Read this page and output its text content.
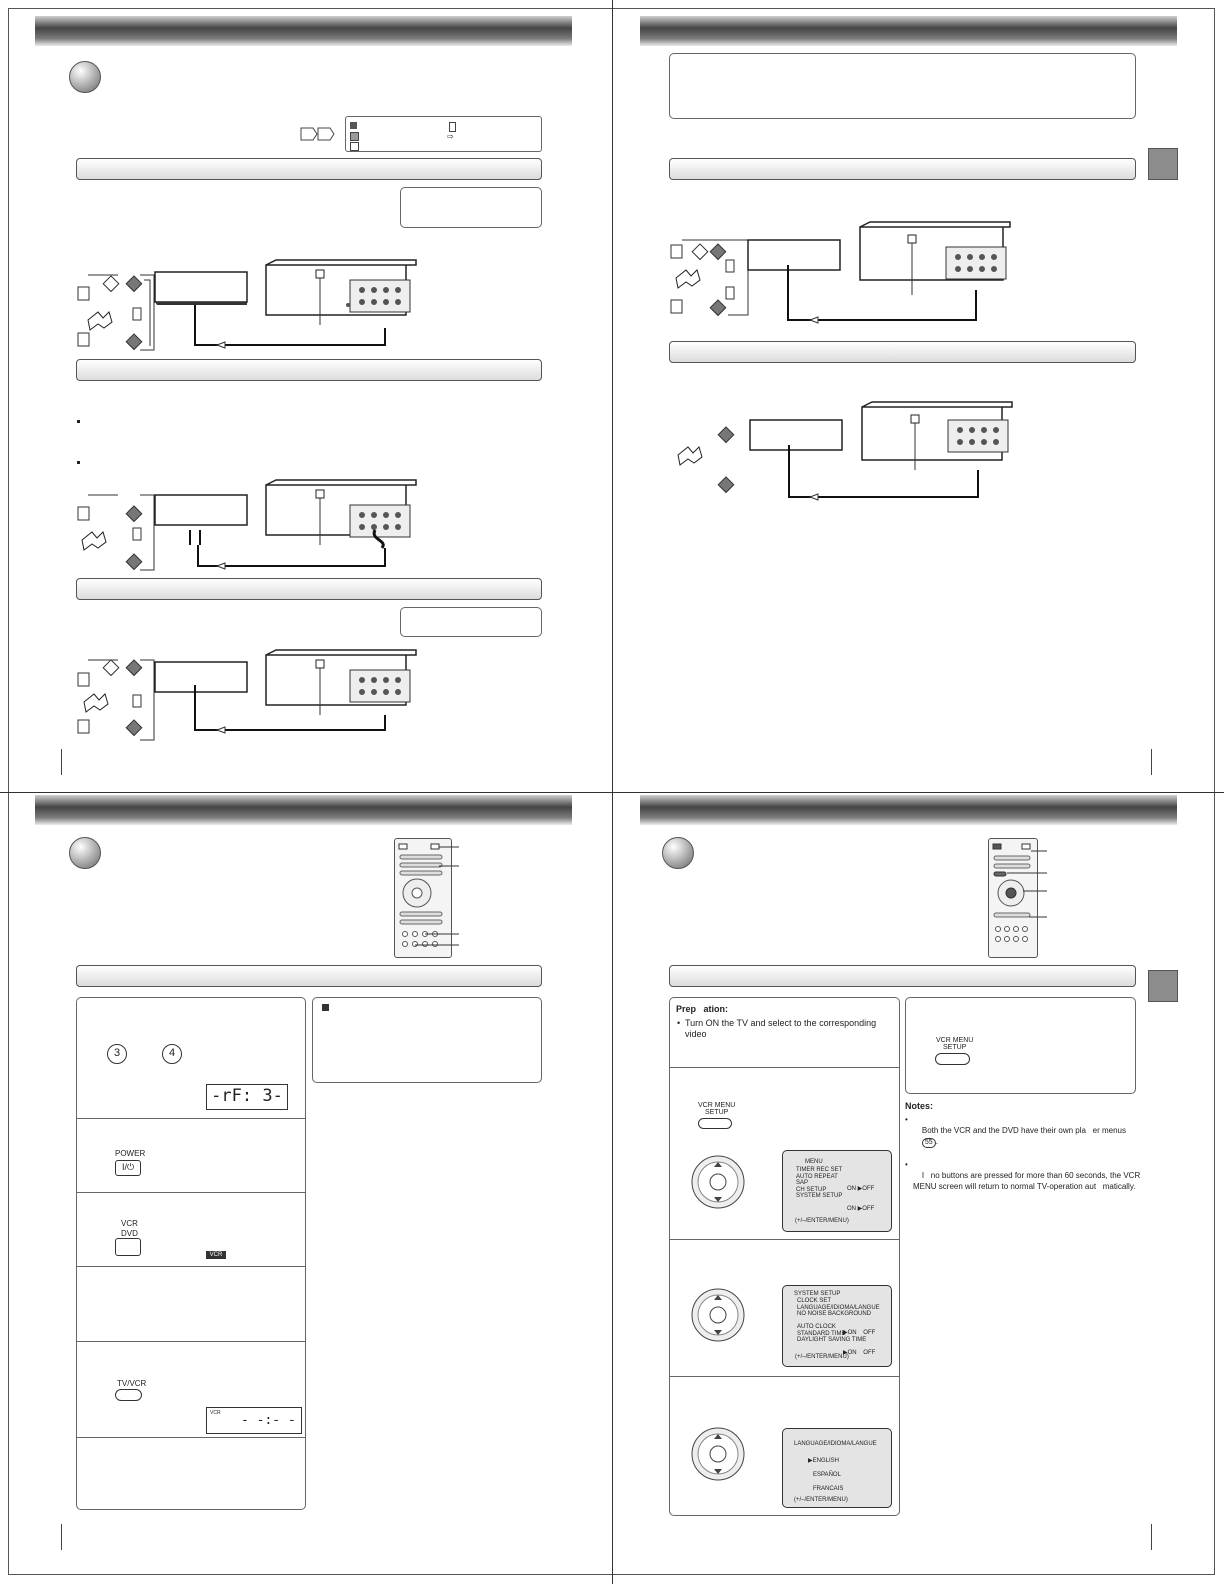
⇨
3	4
-rF: 3-
POWER
I/⏻
VCR
DVD
VCR
TV/VCR
VCR - -:- -
Prep   ation:
• Turn ON the TV and select to the corresponding
video
VCR MENU
SETUP
MENU
TIMER REC SET
AUTO REPEAT
SAP
CH SETUP
SYSTEM SETUP

ON ▶OFF

ON ▶OFF

(+/–/ENTER/MENU)
SYSTEM SETUP
CLOCK SET
LANGUAGE/IDIOMA/LANGUE
NO NOISE BACKGROUND
AUTO CLOCK
STANDARD TIME
DAYLIGHT SAVING TIME

▶ON    OFF

▶ON    OFF

(+/–/ENTER/MENU)
LANGUAGE/IDIOMA/LANGUE
▶ENGLISH
ESPAÑOL
FRANCAIS
(+/–/ENTER/MENU)
VCR MENU
SETUP
Notes:

•
Both the VCR and the DVD have their own pla   er menus
55 .

•
I   no buttons are pressed for more than 60 seconds, the VCR
MENU screen will return to normal TV-operation aut   matically.
